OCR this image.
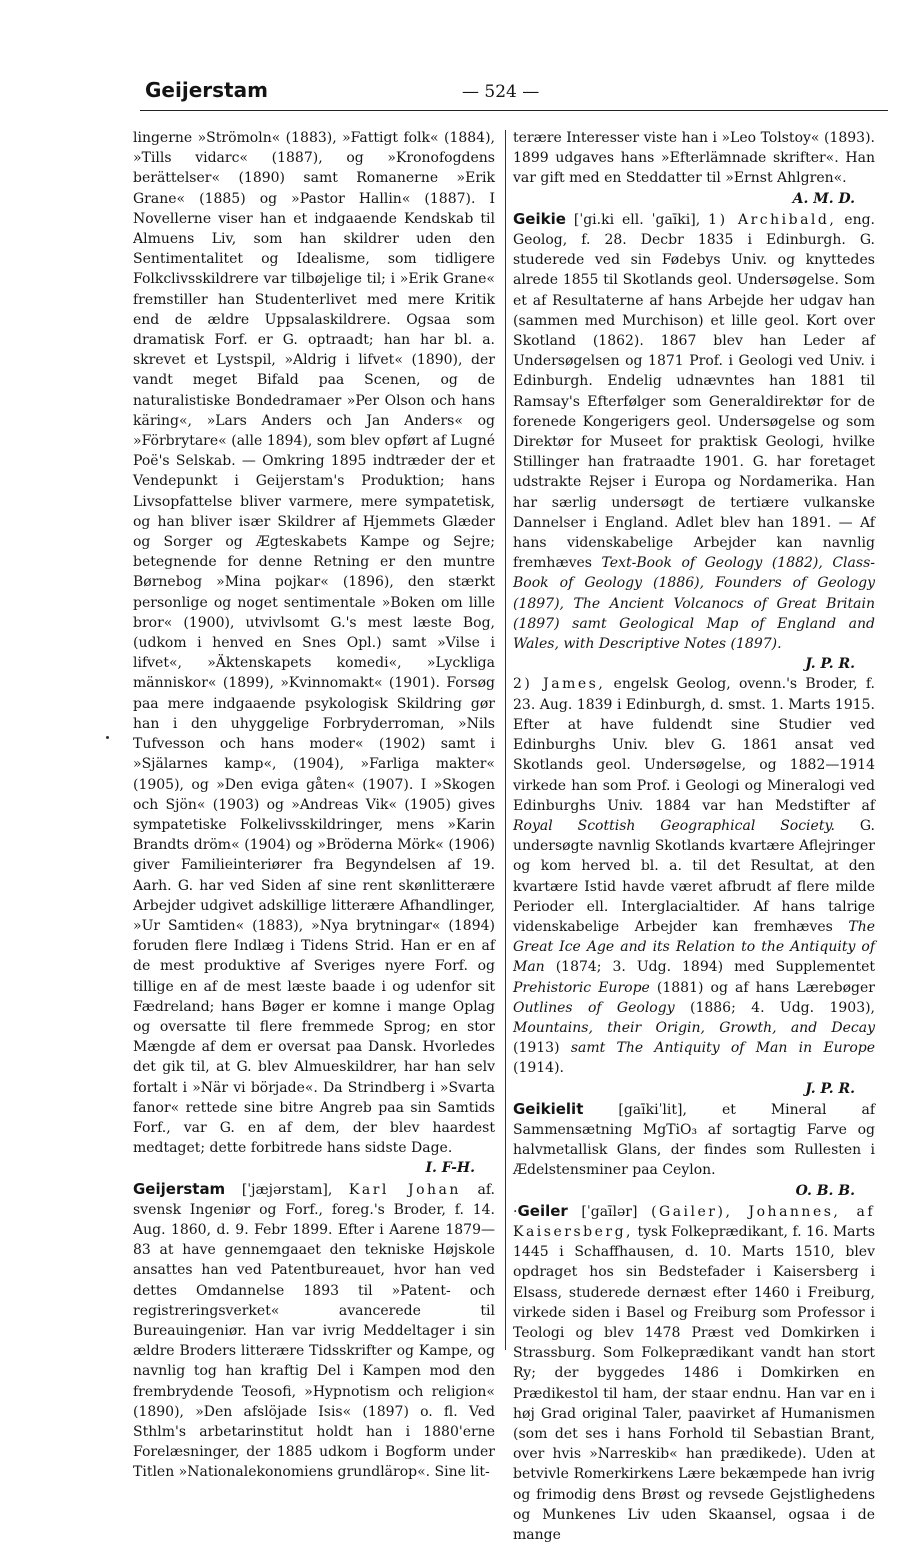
Geijerstam	— 524 —

lingerne »Strömoln« (1883), »Fattigt folk« (1884), »Tills vidarc« (1887), og »Kronofogdens berättelser« (1890) samt Romanerne »Erik Grane« (1885) og »Pastor Hallin« (1887). I Novellerne viser han et indgaaende Kendskab til Almuens Liv, som han skildrer uden den Sentimentalitet og Idealisme, som tidligere Folkclivsskildrere var tilbøjelige til; i »Erik Grane« fremstiller han Studenterlivet med mere Kritik end de ældre Uppsalaskildrere. Ogsaa som dramatisk Forf. er G. optraadt; han har bl. a. skrevet et Lystspil, »Aldrig i lifvet« (1890), der vandt meget Bifald paa Scenen, og de naturalistiske Bondedramaer »Per Olson och hans käring«, »Lars Anders och Jan Anders« og »Förbrytare« (alle 1894), som blev opført af Lugné Poë's Selskab. — Omkring 1895 indtræder der et Vendepunkt i Geijerstam's Produktion; hans Livsopfattelse bliver varmere, mere sympatetisk, og han bliver især Skildrer af Hjemmets Glæder og Sorger og Ægteskabets Kampe og Sejre; betegnende for denne Retning er den muntre Børnebog »Mina pojkar« (1896), den stærkt personlige og noget sentimentale »Boken om lille bror« (1900), utvivlsomt G.'s mest læste Bog, (udkom i henved en Snes Opl.) samt »Vilse i lifvet«, »Äktenskapets komedi«, »Lyckliga människor« (1899), »Kvinnomakt« (1901). Forsøg paa mere indgaaende psykologisk Skildring gør han i den uhyggelige Forbryderroman, »Nils Tufvesson och hans moder« (1902) samt i »Själarnes kamp«, (1904), »Farliga makter« (1905), og »Den eviga gåten« (1907). I »Skogen och Sjön« (1903) og »Andreas Vik« (1905) gives sympatetiske Folkelivsskildringer, mens »Karin Brandts dröm« (1904) og »Bröderna Mörk« (1906) giver Familieinteriører fra Begyndelsen af 19. Aarh. G. har ved Siden af sine rent skønlitterære Arbejder udgivet adskillige litterære Afhandlinger, »Ur Samtiden« (1883), »Nya brytningar« (1894) foruden flere Indlæg i Tidens Strid. Han er en af de mest produktive af Sveriges nyere Forf. og tillige en af de mest læste baade i og udenfor sit Fædreland; hans Bøger er komne i mange Oplag og oversatte til flere fremmede Sprog; en stor Mængde af dem er oversat paa Dansk. Hvorledes det gik til, at G. blev Almueskildrer, har han selv fortalt i »När vi började«. Da Strindberg i »Svarta fanor« rettede sine bitre Angreb paa sin Samtids Forf., var G. en af dem, der blev haardest medtaget; dette forbitrede hans sidste Dage.

I. F-H.

Geijerstam [ˈjæjərstam], Karl Johan af. svensk Ingeniør og Forf., foreg.'s Broder, f. 14. Aug. 1860, d. 9. Febr 1899. Efter i Aarene 1879—83 at have gennemgaaet den tekniske Højskole ansattes han ved Patentbureauet, hvor han ved dettes Omdannelse 1893 til »Patent- och registreringsverket« avancerede til Bureauingeniør. Han var ivrig Meddeltager i sin ældre Broders litterære Tidsskrifter og Kampe, og navnlig tog han kraftig Del i Kampen mod den frembrydende Teosofi, »Hypnotism och religion« (1890), »Den afslöjade Isis« (1897) o. fl. Ved Sthlm's arbetarinstitut holdt han i 1880'erne Forelæsninger, der 1885 udkom i Bogform under Titlen »Nationalekonomiens grundlärор«. Sine lit-

terære Interesser viste han i »Leo Tolstoy« (1893). 1899 udgaves hans »Efterlämnade skrifter«. Han var gift med en Steddatter til »Ernst Ahlgren«.

A. M. D.

Geikie [ˈgi.ki ell. ˈgaīki], 1) Archibald, eng. Geolog, f. 28. Decbr 1835 i Edinburgh. G. studerede ved sin Fødebys Univ. og knyttedes alrede 1855 til Skotlands geol. Undersøgelse. Som et af Resultaterne af hans Arbejde her udgav han (sammen med Murchison) et lille geol. Kort over Skotland (1862). 1867 blev han Leder af Undersøgelsen og 1871 Prof. i Geologi ved Univ. i Edinburgh. Endelig udnævntes han 1881 til Ramsay's Efterfølger som Generaldirektør for de forenede Kongerigers geol. Undersøgelse og som Direktør for Museet for praktisk Geologi, hvilke Stillinger han fratraadte 1901. G. har foretaget udstrakte Rejser i Europa og Nordamerika. Han har særlig undersøgt de tertiære vulkanske Dannelser i England. Adlet blev han 1891. — Af hans videnskabelige Arbejder kan navnlig fremhæves Text-Book of Geology (1882), Class-Book of Geology (1886), Founders of Geology (1897), The Ancient Volcanocs of Great Britain (1897) samt Geological Map of England and Wales, with Descriptive Notes (1897).

J. P. R.

2) James, engelsk Geolog, ovenn.'s Broder, f. 23. Aug. 1839 i Edinburgh, d. smst. 1. Marts 1915. Efter at have fuldendt sine Studier ved Edinburghs Univ. blev G. 1861 ansat ved Skotlands geol. Undersøgelse, og 1882—1914 virkede han som Prof. i Geologi og Mineralogi ved Edinburghs Univ. 1884 var han Medstifter af Royal Scottish Geographical Society. G. undersøgte navnlig Skotlands kvartære Aflejringer og kom herved bl. a. til det Resultat, at den kvartære Istid havde været afbrudt af flere milde Perioder ell. Interglacialtider. Af hans talrige videnskabelige Arbejder kan fremhæves The Great Ice Age and its Relation to the Antiquity of Man (1874; 3. Udg. 1894) med Supplementet Prehistoric Europe (1881) og af hans Lærebøger Outlines of Geology (1886; 4. Udg. 1903), Mountains, their Origin, Growth, and Decay (1913) samt The Antiquity of Man in Europe (1914).

J. P. R.

Geikielit	[gaīkiˈlit],	et Mineral af Sammensætning MgTiO₃ af sortagtig Farve og halvmetallisk Glans, der findes som Rullesten i Ædelstensminer paa Ceylon.

O. B. B.

·Geiler [ˈgaīlər] (Gailer), Johannes, af Kaisersberg, tysk Folkeprædikant, f. 16. Marts 1445 i Schaffhausen, d. 10. Marts 1510, blev opdraget hos sin Bedstefader i Kaisersberg i Elsass, studerede dernæst efter 1460 i Freiburg, virkede siden i Basel og Freiburg som Professor i Teologi og blev 1478 Præst ved Domkirken i Strassburg. Som Folkeprædikant vandt han stort Ry; der byggedes 1486 i Domkirken en Prædikestol til ham, der staar endnu. Han var en i høj Grad original Taler, paavirket af Humanismen (som det ses i hans Forhold til Sebastian Brant, over hvis »Narreskib« han prædikede). Uden at betvivle Romerkirkens Lære bekæmpede han ivrig og frimodig dens Brøst og revsede Gejstlighedens og Munkenes Liv uden Skaansel, ogsaa i de mange
